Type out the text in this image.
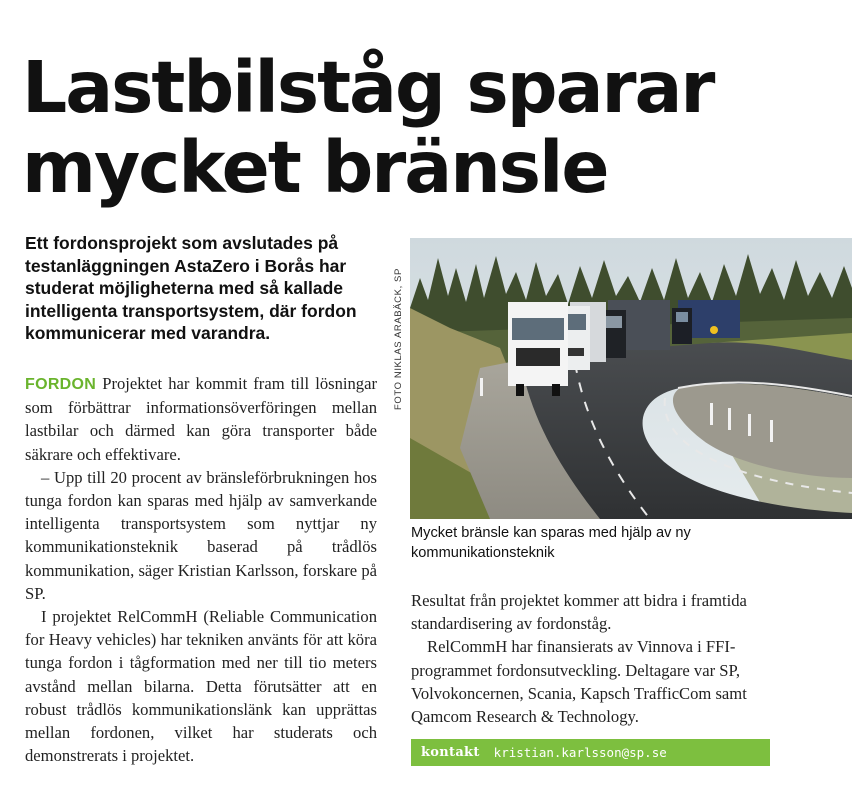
Lastbilståg sparar
mycket bränsle

Ett fordonsprojekt som avslutades på testanläggningen AstaZero i Borås har studerat möjligheterna med så kallade intelligenta transportsystem, där fordon kommunicerar med varandra.

FORDON Projektet har kommit fram till lösningar som förbättrar informationsöverföringen mellan lastbilar och därmed kan göra transporter både säkrare och effektivare.

– Upp till 20 procent av bränsleförbrukningen hos tunga fordon kan sparas med hjälp av samverkande intelligenta transportsystem som nyttjar ny kommunikationsteknik baserad på trådlös kommunikation, säger Kristian Karlsson, forskare på SP.

I projektet RelCommH (Reliable Communication for Heavy vehicles) har tekniken använts för att köra tunga fordon i tågformation med ner till tio meters avstånd mellan bilarna. Detta förutsätter att en robust trådlös kommunikationslänk kan upprättas mellan fordonen, vilket har studerats och demonstrerats i projektet.

FOTO NIKLAS ARABÄCK, SP

Mycket bränsle kan sparas med hjälp av ny kommunikationsteknik

Resultat från projektet kommer att bidra i framtida standardisering av fordonståg.

RelCommH har finansierats av Vinnova i FFI-programmet fordonsutveckling. Deltagare var SP, Volvokoncernen, Scania, Kapsch TrafficCom samt Qamcom Research & Technology.

kontakt kristian.karlsson@sp.se
